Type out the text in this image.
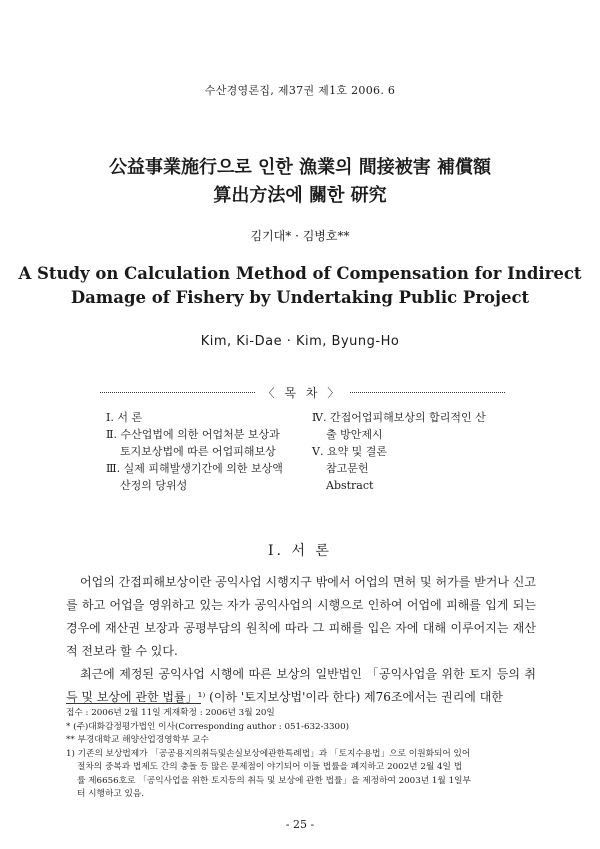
수산경영론집, 제37권 제1호 2006. 6
公益事業施行으로 인한 漁業의 間接被害 補償額
算出方法에 關한 研究
김기대* · 김병호**
A Study on Calculation Method of Compensation for Indirect
Damage of Fishery by Undertaking Public Project
Kim, Ki-Dae · Kim, Byung-Ho
〈 목 차 〉
Ⅰ. 서 론
Ⅱ. 수산업법에 의한 어업처분 보상과
토지보상법에 따른 어업피해보상
Ⅲ. 실제 피해발생기간에 의한 보상액
산정의 당위성
Ⅳ. 간접어업피해보상의 합리적인 산
출 방안제시
Ⅴ. 요약 및 결론
참고문헌
Abstract
Ⅰ. 서 론

어업의 간접피해보상이란 공익사업 시행지구 밖에서 어업의 면허 및 허가를 받거나 신고를 하고 어업을 영위하고 있는 자가 공익사업의 시행으로 인하여 어업에 피해를 입게 되는 경우에 재산권 보장과 공평부담의 원칙에 따라 그 피해를 입은 자에 대해 이루어지는 재산적 전보라 할 수 있다.

최근에 제정된 공익사업 시행에 따른 보상의 일반법인 「공익사업을 위한 토지 등의 취득 및 보상에 관한 법률」¹⁾ (이하 '토지보상법'이라 한다) 제76조에서는 권리에 대한

접수 : 2006년 2월 11일 게재확정 : 2006년 3월 20일
* (주)대화감정평가법인 이사(Corresponding author : 051-632-3300)
** 부경대학교 해양산업경영학부 교수
1) 기존의 보상법제가 「공공용지의취득및손실보상에관한특례법」과 「토지수용법」으로 이원화되어 있어
절차의 중복과 법제도 간의 충돌 등 많은 문제점이 야기되어 이들 법률을 폐지하고 2002년 2월 4일 법
률 제6656호로 「공익사업을 위한 토지등의 취득 및 보상에 관한 법률」을 제정하여 2003년 1월 1일부
터 시행하고 있음.
- 25 -
